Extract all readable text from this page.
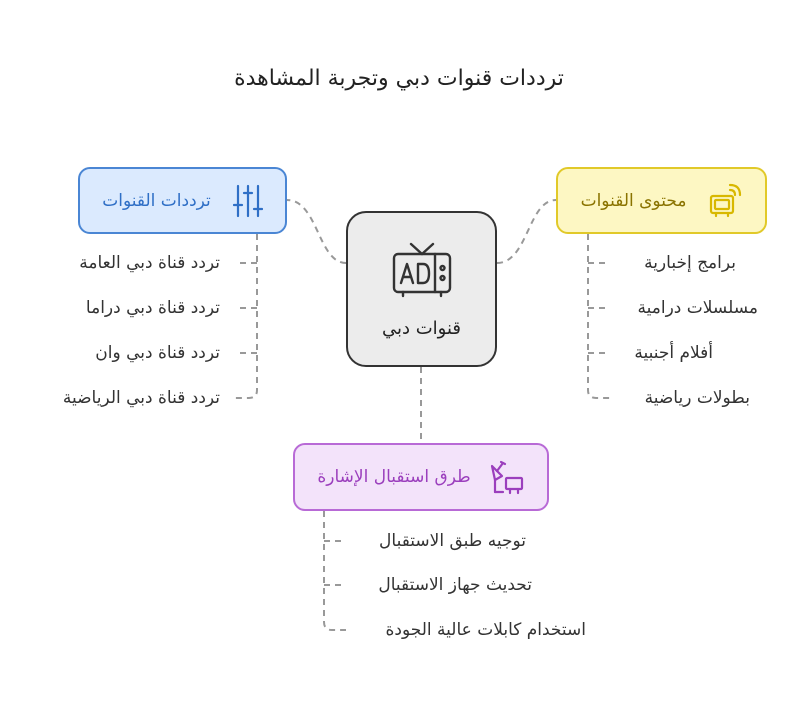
ترددات قنوات دبي وتجربة المشاهدة
ترددات القنوات	محتوى القنوات
قنوات دبي
طرق استقبال الإشارة
تردد قناة دبي العامة
تردد قناة دبي دراما
تردد قناة دبي وان
تردد قناة دبي الرياضية
برامج إخبارية
مسلسلات درامية
أفلام أجنبية
بطولات رياضية
توجيه طبق الاستقبال
تحديث جهاز الاستقبال
استخدام كابلات عالية الجودة
